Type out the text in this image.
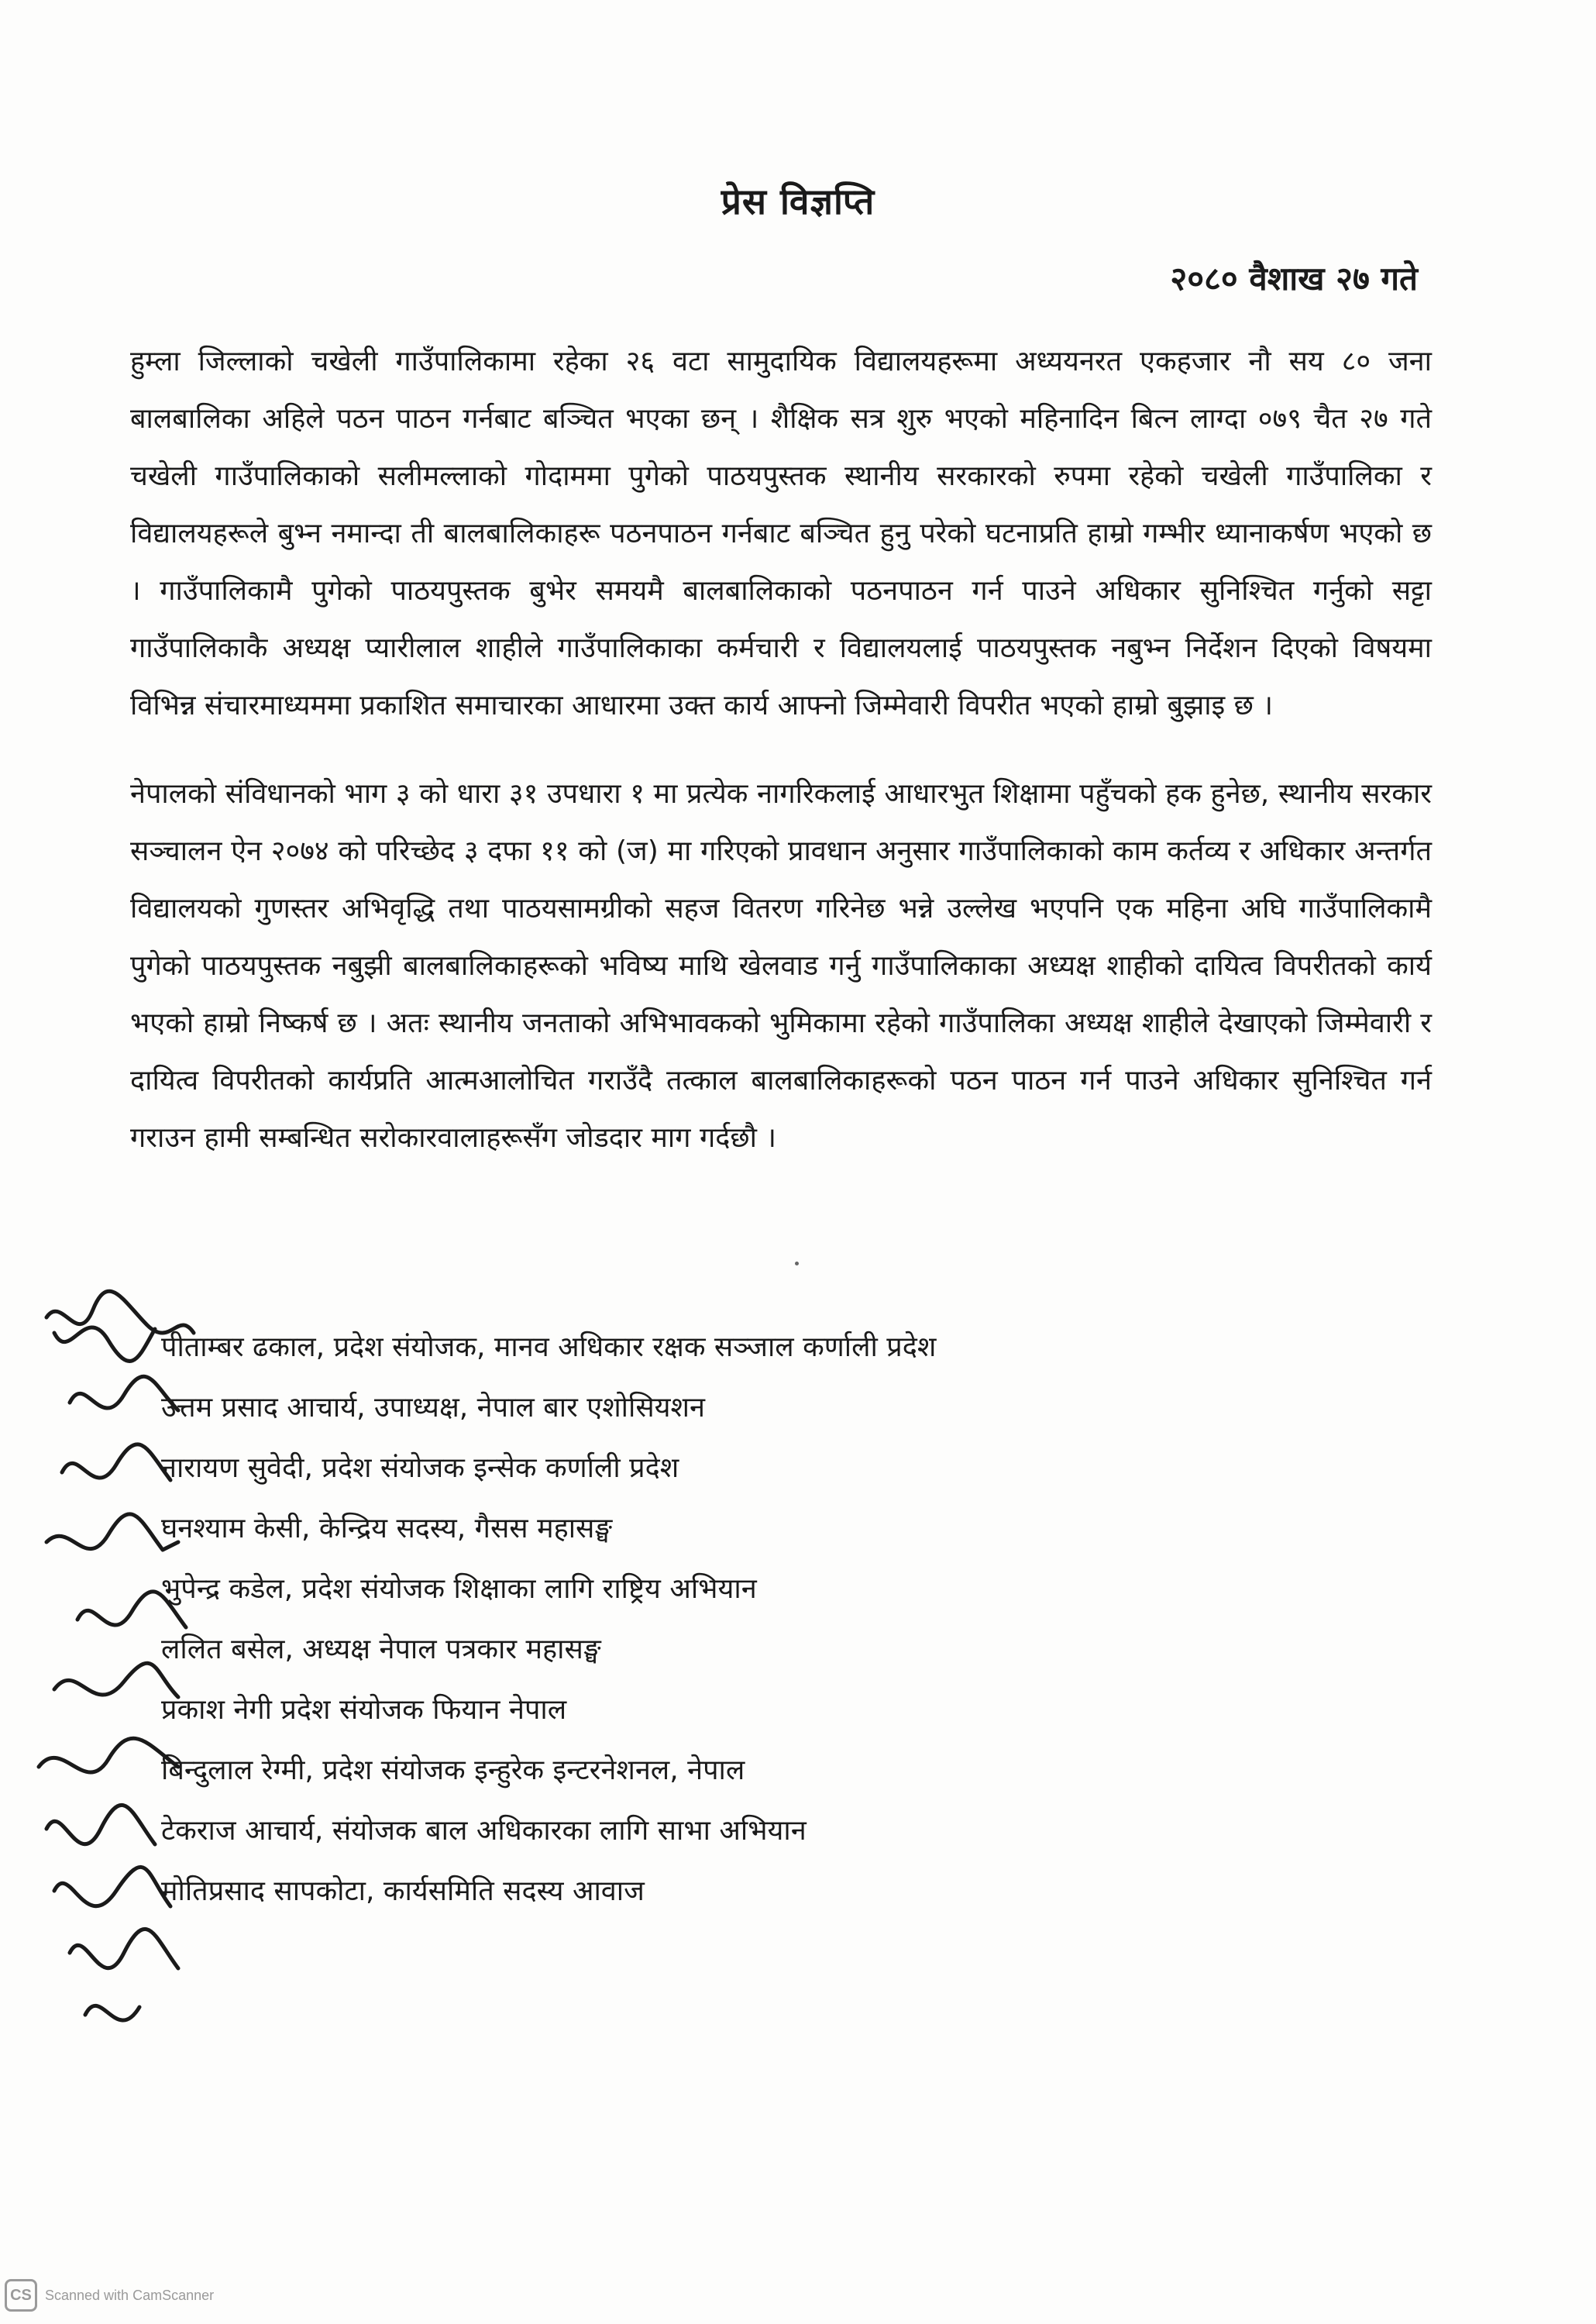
प्रेस विज्ञप्ति
२०८० वैशाख २७ गते

हुम्ला जिल्लाको चखेली गाउँपालिकामा रहेका २६ वटा सामुदायिक विद्यालयहरूमा अध्ययनरत एकहजार नौ सय ८० जना बालबालिका अहिले पठन पाठन गर्नबाट बञ्चित भएका छन् । शैक्षिक सत्र शुरु भएको महिनादिन बित्न लाग्दा ०७९ चैत २७ गते चखेली गाउँपालिकाको सलीमल्लाको गोदाममा पुगेको पाठयपुस्तक स्थानीय सरकारको रुपमा रहेको चखेली गाउँपालिका र विद्यालयहरूले बुभ्न नमान्दा ती बालबालिकाहरू पठनपाठन गर्नबाट बञ्चित हुनु परेको घटनाप्रति हाम्रो गम्भीर ध्यानाकर्षण भएको छ । गाउँपालिकामै पुगेको पाठयपुस्तक बुभेर समयमै बालबालिकाको पठनपाठन गर्न पाउने अधिकार सुनिश्चित गर्नुको सट्टा गाउँपालिकाकै अध्यक्ष प्यारीलाल शाहीले गाउँपालिकाका कर्मचारी र विद्यालयलाई पाठयपुस्तक नबुभ्न निर्देशन दिएको विषयमा विभिन्न संचारमाध्यममा प्रकाशित समाचारका आधारमा उक्त कार्य आफ्नो जिम्मेवारी विपरीत भएको हाम्रो बुझाइ छ ।

नेपालको संविधानको भाग ३ को धारा ३१ उपधारा १ मा प्रत्येक नागरिकलाई आधारभुत शिक्षामा पहुँचको हक हुनेछ, स्थानीय सरकार सञ्चालन ऐन २०७४ को परिच्छेद ३ दफा ११ को (ज) मा गरिएको प्रावधान अनुसार गाउँपालिकाको काम कर्तव्य र अधिकार अन्तर्गत विद्यालयको गुणस्तर अभिवृद्धि तथा पाठयसामग्रीको सहज वितरण गरिनेछ भन्ने उल्लेख भएपनि एक महिना अघि गाउँपालिकामै पुगेको पाठयपुस्तक नबुझी बालबालिकाहरूको भविष्य माथि खेलवाड गर्नु गाउँपालिकाका अध्यक्ष शाहीको दायित्व विपरीतको कार्य भएको हाम्रो निष्कर्ष छ । अतः स्थानीय जनताको अभिभावकको भुमिकामा रहेको गाउँपालिका अध्यक्ष शाहीले देखाएको जिम्मेवारी र दायित्व विपरीतको कार्यप्रति आत्मआलोचित गराउँदै तत्काल बालबालिकाहरूको पठन पाठन गर्न पाउने अधिकार सुनिश्चित गर्न गराउन हामी सम्बन्धित सरोकारवालाहरूसँग जोडदार माग गर्दछौ ।

पीताम्बर ढकाल, प्रदेश संयोजक, मानव अधिकार रक्षक सञ्जाल कर्णाली प्रदेश
उत्तम प्रसाद आचार्य, उपाध्यक्ष, नेपाल बार एशोसियशन
नारायण सुवेदी, प्रदेश संयोजक इन्सेक कर्णाली प्रदेश
घनश्याम केसी, केन्द्रिय सदस्य, गैसस महासङ्घ
भुपेन्द्र कडेल, प्रदेश संयोजक शिक्षाका लागि राष्ट्रिय अभियान
ललित बसेल, अध्यक्ष नेपाल पत्रकार महासङ्घ
प्रकाश नेगी प्रदेश संयोजक फियान नेपाल
बिन्दुलाल रेग्मी, प्रदेश संयोजक इन्हुरेक इन्टरनेशनल, नेपाल
टेकराज आचार्य, संयोजक बाल अधिकारका लागि साभा अभियान
मोतिप्रसाद सापकोटा, कार्यसमिति सदस्य आवाज
CS Scanned with CamScanner
